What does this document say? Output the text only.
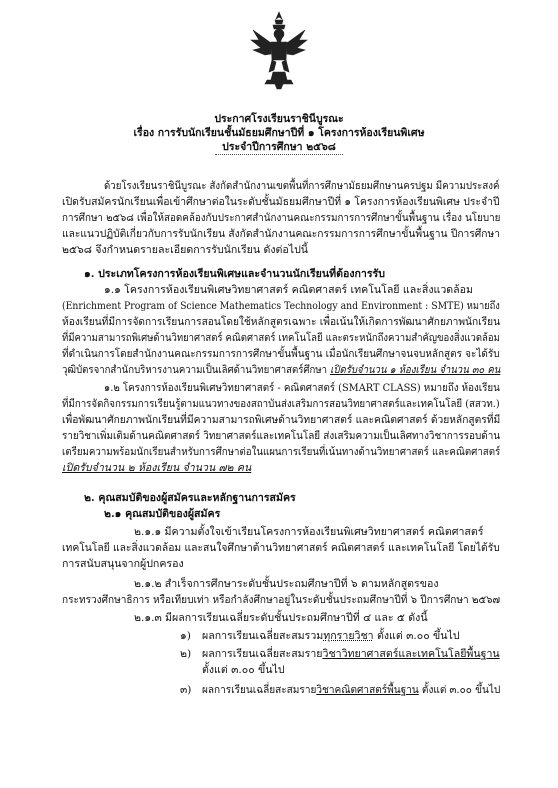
ประกาศโรงเรียนราชินีบูรณะ
เรื่อง การรับนักเรียนชั้นมัธยมศึกษาปีที่ ๑ โครงการห้องเรียนพิเศษ
ประจำปีการศึกษา ๒๕๖๘
ด้วยโรงเรียนราชินีบูรณะ สังกัดสำนักงานเขตพื้นที่การศึกษามัธยมศึกษานครปฐม มีความประสงค์
เปิดรับสมัครนักเรียนเพื่อเข้าศึกษาต่อในระดับชั้นมัธยมศึกษาปีที่ ๑ โครงการห้องเรียนพิเศษ ประจำปี
การศึกษา ๒๕๖๘ เพื่อให้สอดคล้องกับประกาศสำนักงานคณะกรรมการการศึกษาขั้นพื้นฐาน เรื่อง นโยบาย
และแนวปฏิบัติเกี่ยวกับการรับนักเรียน สังกัดสำนักงานคณะกรรมการการศึกษาขั้นพื้นฐาน ปีการศึกษา
๒๕๖๘ จึงกำหนดรายละเอียดการรับนักเรียน ดังต่อไปนี้
๑. ประเภทโครงการห้องเรียนพิเศษและจำนวนนักเรียนที่ต้องการรับ
๑.๑ โครงการห้องเรียนพิเศษวิทยาศาสตร์ คณิตศาสตร์ เทคโนโลยี และสิ่งแวดล้อม
(Enrichment Program of Science Mathematics Technology and Environment : SMTE) หมายถึง
ห้องเรียนที่มีการจัดการเรียนการสอนโดยใช้หลักสูตรเฉพาะ เพื่อเน้นให้เกิดการพัฒนาศักยภาพนักเรียน
ที่มีความสามารถพิเศษด้านวิทยาศาสตร์ คณิตศาสตร์ เทคโนโลยี และตระหนักถึงความสำคัญของสิ่งแวดล้อม
ที่ดำเนินการโดยสำนักงานคณะกรรมการการศึกษาขั้นพื้นฐาน เมื่อนักเรียนศึกษาจนจบหลักสูตร จะได้รับ
วุฒิบัตรจากสำนักบริหารงานความเป็นเลิศด้านวิทยาศาสตร์ศึกษา เปิดรับจำนวน ๑ ห้องเรียน จำนวน ๓๐ คน
๑.๒ โครงการห้องเรียนพิเศษวิทยาศาสตร์ - คณิตศาสตร์ (SMART CLASS) หมายถึง ห้องเรียน
ที่มีการจัดกิจกรรมการเรียนรู้ตามแนวทางของสถาบันส่งเสริมการสอนวิทยาศาสตร์และเทคโนโลยี (สสวท.)
เพื่อพัฒนาศักยภาพนักเรียนที่มีความสามารถพิเศษด้านวิทยาศาสตร์ และคณิตศาสตร์ ด้วยหลักสูตรที่มี
รายวิชาเพิ่มเติมด้านคณิตศาสตร์ วิทยาศาสตร์และเทคโนโลยี ส่งเสริมความเป็นเลิศทางวิชาการรอบด้าน
เตรียมความพร้อมนักเรียนสำหรับการศึกษาต่อในแผนการเรียนที่เน้นทางด้านวิทยาศาสตร์ และคณิตศาสตร์
เปิดรับจำนวน ๒ ห้องเรียน จำนวน ๗๒ คน
๒. คุณสมบัติของผู้สมัครและหลักฐานการสมัคร
๒.๑ คุณสมบัติของผู้สมัคร
๒.๑.๑ มีความตั้งใจเข้าเรียนโครงการห้องเรียนพิเศษวิทยาศาสตร์ คณิตศาสตร์
เทคโนโลยี และสิ่งแวดล้อม และสนใจศึกษาด้านวิทยาศาสตร์ คณิตศาสตร์ และเทคโนโลยี โดยได้รับ
การสนับสนุนจากผู้ปกครอง
๒.๑.๒ สำเร็จการศึกษาระดับชั้นประถมศึกษาปีที่ ๖ ตามหลักสูตรของ
กระทรวงศึกษาธิการ หรือเทียบเท่า หรือกำลังศึกษาอยู่ในระดับชั้นประถมศึกษาปีที่ ๖ ปีการศึกษา ๒๕๖๗
๒.๑.๓ มีผลการเรียนเฉลี่ยระดับชั้นประถมศึกษาปีที่ ๔ และ ๕ ดังนี้
๑) ผลการเรียนเฉลี่ยสะสมรวมทุกรายวิชา ตั้งแต่ ๓.๐๐ ขึ้นไป
๒) ผลการเรียนเฉลี่ยสะสมรายวิชาวิทยาศาสตร์และเทคโนโลยีพื้นฐาน
ตั้งแต่ ๓.๐๐ ขึ้นไป
๓) ผลการเรียนเฉลี่ยสะสมรายวิชาคณิตศาสตร์พื้นฐาน ตั้งแต่ ๓.๐๐ ขึ้นไป
